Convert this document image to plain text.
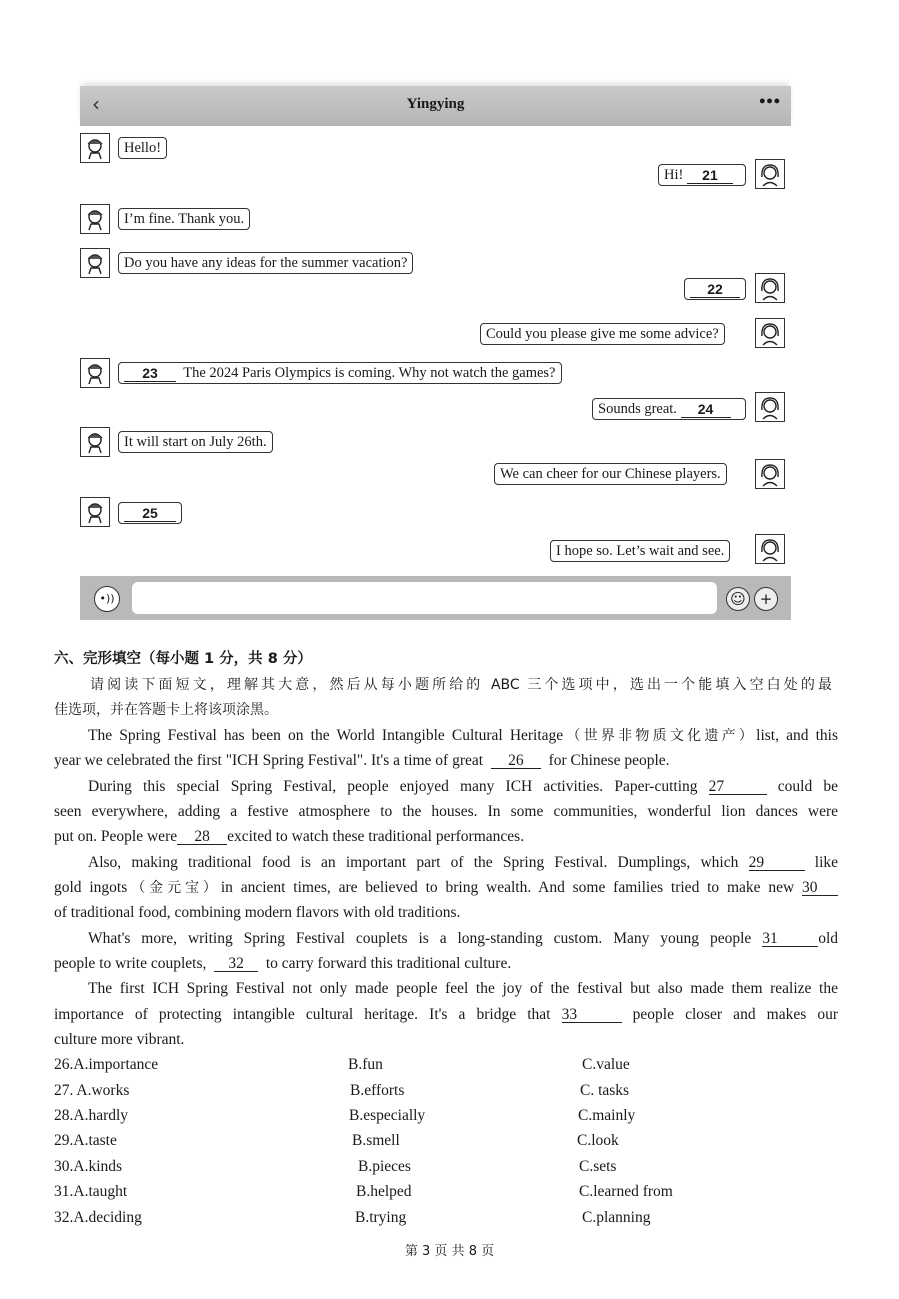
‹	Yingying	•••
Hello!
Hi!
	21
I’m fine. Thank you.
Do you have any ideas for the summer vacation?
22
Could you please give me some advice?
23
	The 2024 Paris Olympics is coming. Why not watch the games?
Sounds great.
	24
It will start on July 26th.
We can cheer for our Chinese players.
25
I hope so. Let’s wait and see.
•))	☺ +
六、完形填空（每小题 1 分，共 8 分）
请阅读下面短文，理解其大意，然后从每小题所给的 ABC 三个选项中，选出一个能填入空白处的最
佳选项，并在答题卡上将该项涂黑。
The Spring Festival has been on the World Intangible Cultural Heritage（世界非物质文化遗产）list, and this
year we celebrated the first "ICH Spring Festival". It's a time of great 26 for Chinese people.
During this special Spring Festival, people enjoyed many ICH activities. Paper-cutting 27	could be
seen everywhere, adding a festive atmosphere to the houses. In some communities, wonderful lion dances were
put on. People were 28 excited to watch these traditional performances.
Also, making traditional food is an important part of the Spring Festival. Dumplings, which 29	like
gold ingots（金元宝）in ancient times, are believed to bring wealth. And some families tried to make new 30
of traditional food, combining modern flavors with old traditions.
What's more, writing Spring Festival couplets is a long-standing custom. Many young people 31	old
people to write couplets, 32 to carry forward this traditional culture.
The first ICH Spring Festival not only made people feel the joy of the festival but also made them realize the
importance of protecting intangible cultural heritage. It's a bridge that 33	people closer and makes our
culture more vibrant.
26.A.importance	B.fun	C.value
27. A.works	B.efforts	C. tasks
28.A.hardly	B.especially	C.mainly
29.A.taste	B.smell	C.look
30.A.kinds	B.pieces	C.sets
31.A.taught	B.helped	C.learned from
32.A.deciding	B.trying	C.planning
第 3 页 共 8 页
